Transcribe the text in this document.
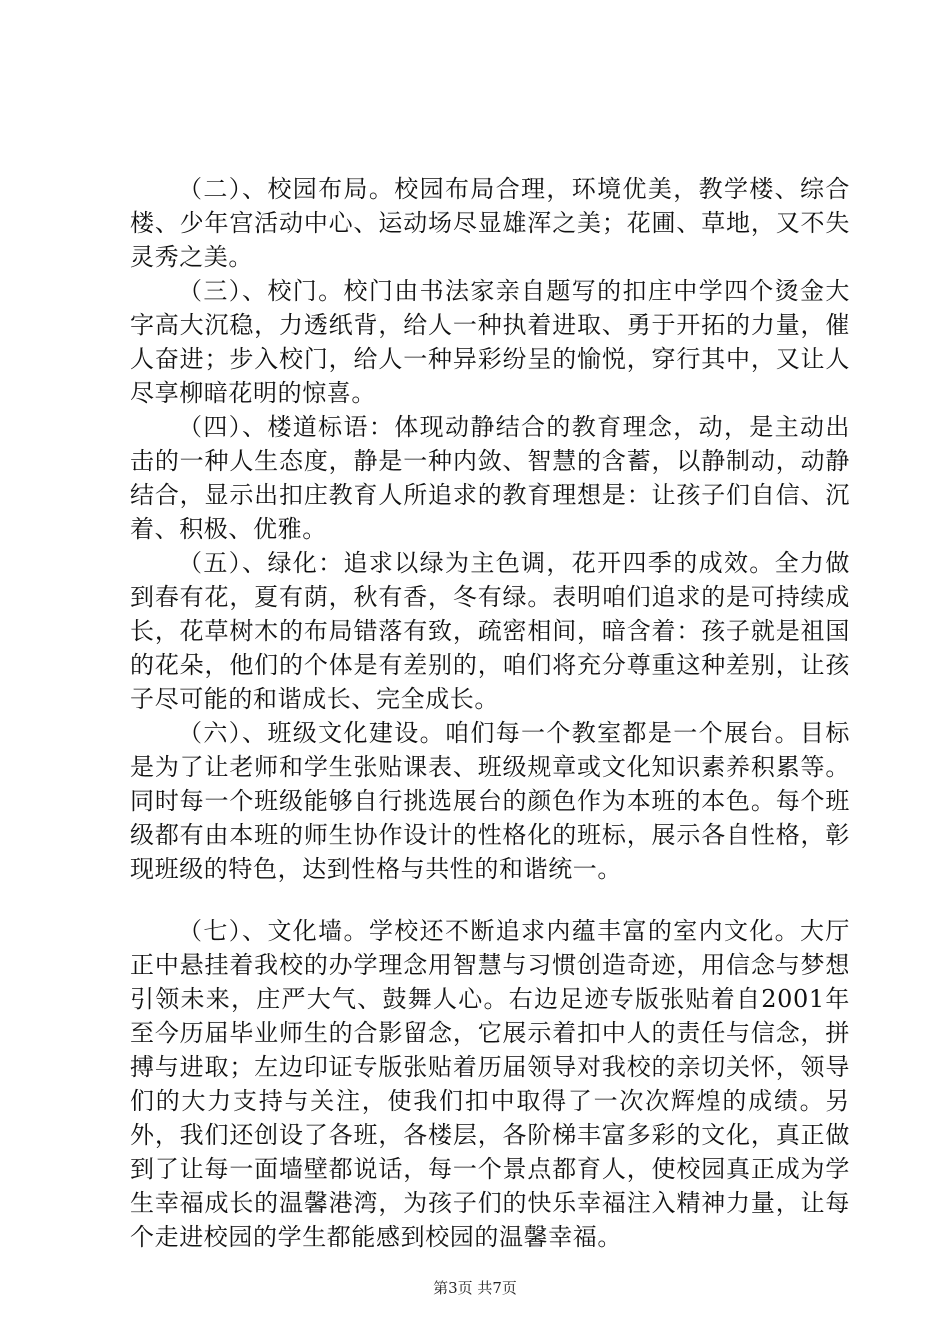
（二）、校园布局。校园布局合理，环境优美，教学楼、综合楼、少年宫活动中心、运动场尽显雄浑之美；花圃、草地，又不失灵秀之美。

（三）、校门。校门由书法家亲自题写的扣庄中学四个烫金大字高大沉稳，力透纸背，给人一种执着进取、勇于开拓的力量，催人奋进；步入校门，给人一种异彩纷呈的愉悦，穿行其中，又让人尽享柳暗花明的惊喜。

（四）、楼道标语：体现动静结合的教育理念，动，是主动出击的一种人生态度，静是一种内敛、智慧的含蓄，以静制动，动静结合，显示出扣庄教育人所追求的教育理想是：让孩子们自信、沉着、积极、优雅。

（五）、绿化：追求以绿为主色调，花开四季的成效。全力做到春有花，夏有荫，秋有香，冬有绿。表明咱们追求的是可持续成长，花草树木的布局错落有致，疏密相间，暗含着：孩子就是祖国的花朵，他们的个体是有差别的，咱们将充分尊重这种差别，让孩子尽可能的和谐成长、完全成长。

（六）、班级文化建设。咱们每一个教室都是一个展台。目标是为了让老师和学生张贴课表、班级规章或文化知识素养积累等。同时每一个班级能够自行挑选展台的颜色作为本班的本色。每个班级都有由本班的师生协作设计的性格化的班标，展示各自性格，彰现班级的特色，达到性格与共性的和谐统一。

（七）、文化墙。学校还不断追求内蕴丰富的室内文化。大厅正中悬挂着我校的办学理念用智慧与习惯创造奇迹，用信念与梦想引领未来，庄严大气、鼓舞人心。右边足迹专版张贴着自2001年至今历届毕业师生的合影留念，它展示着扣中人的责任与信念，拼搏与进取；左边印证专版张贴着历届领导对我校的亲切关怀，领导们的大力支持与关注，使我们扣中取得了一次次辉煌的成绩。另外，我们还创设了各班，各楼层，各阶梯丰富多彩的文化，真正做到了让每一面墙壁都说话，每一个景点都育人，使校园真正成为学生幸福成长的温馨港湾，为孩子们的快乐幸福注入精神力量，让每个走进校园的学生都能感到校园的温馨幸福。

第3页 共7页
